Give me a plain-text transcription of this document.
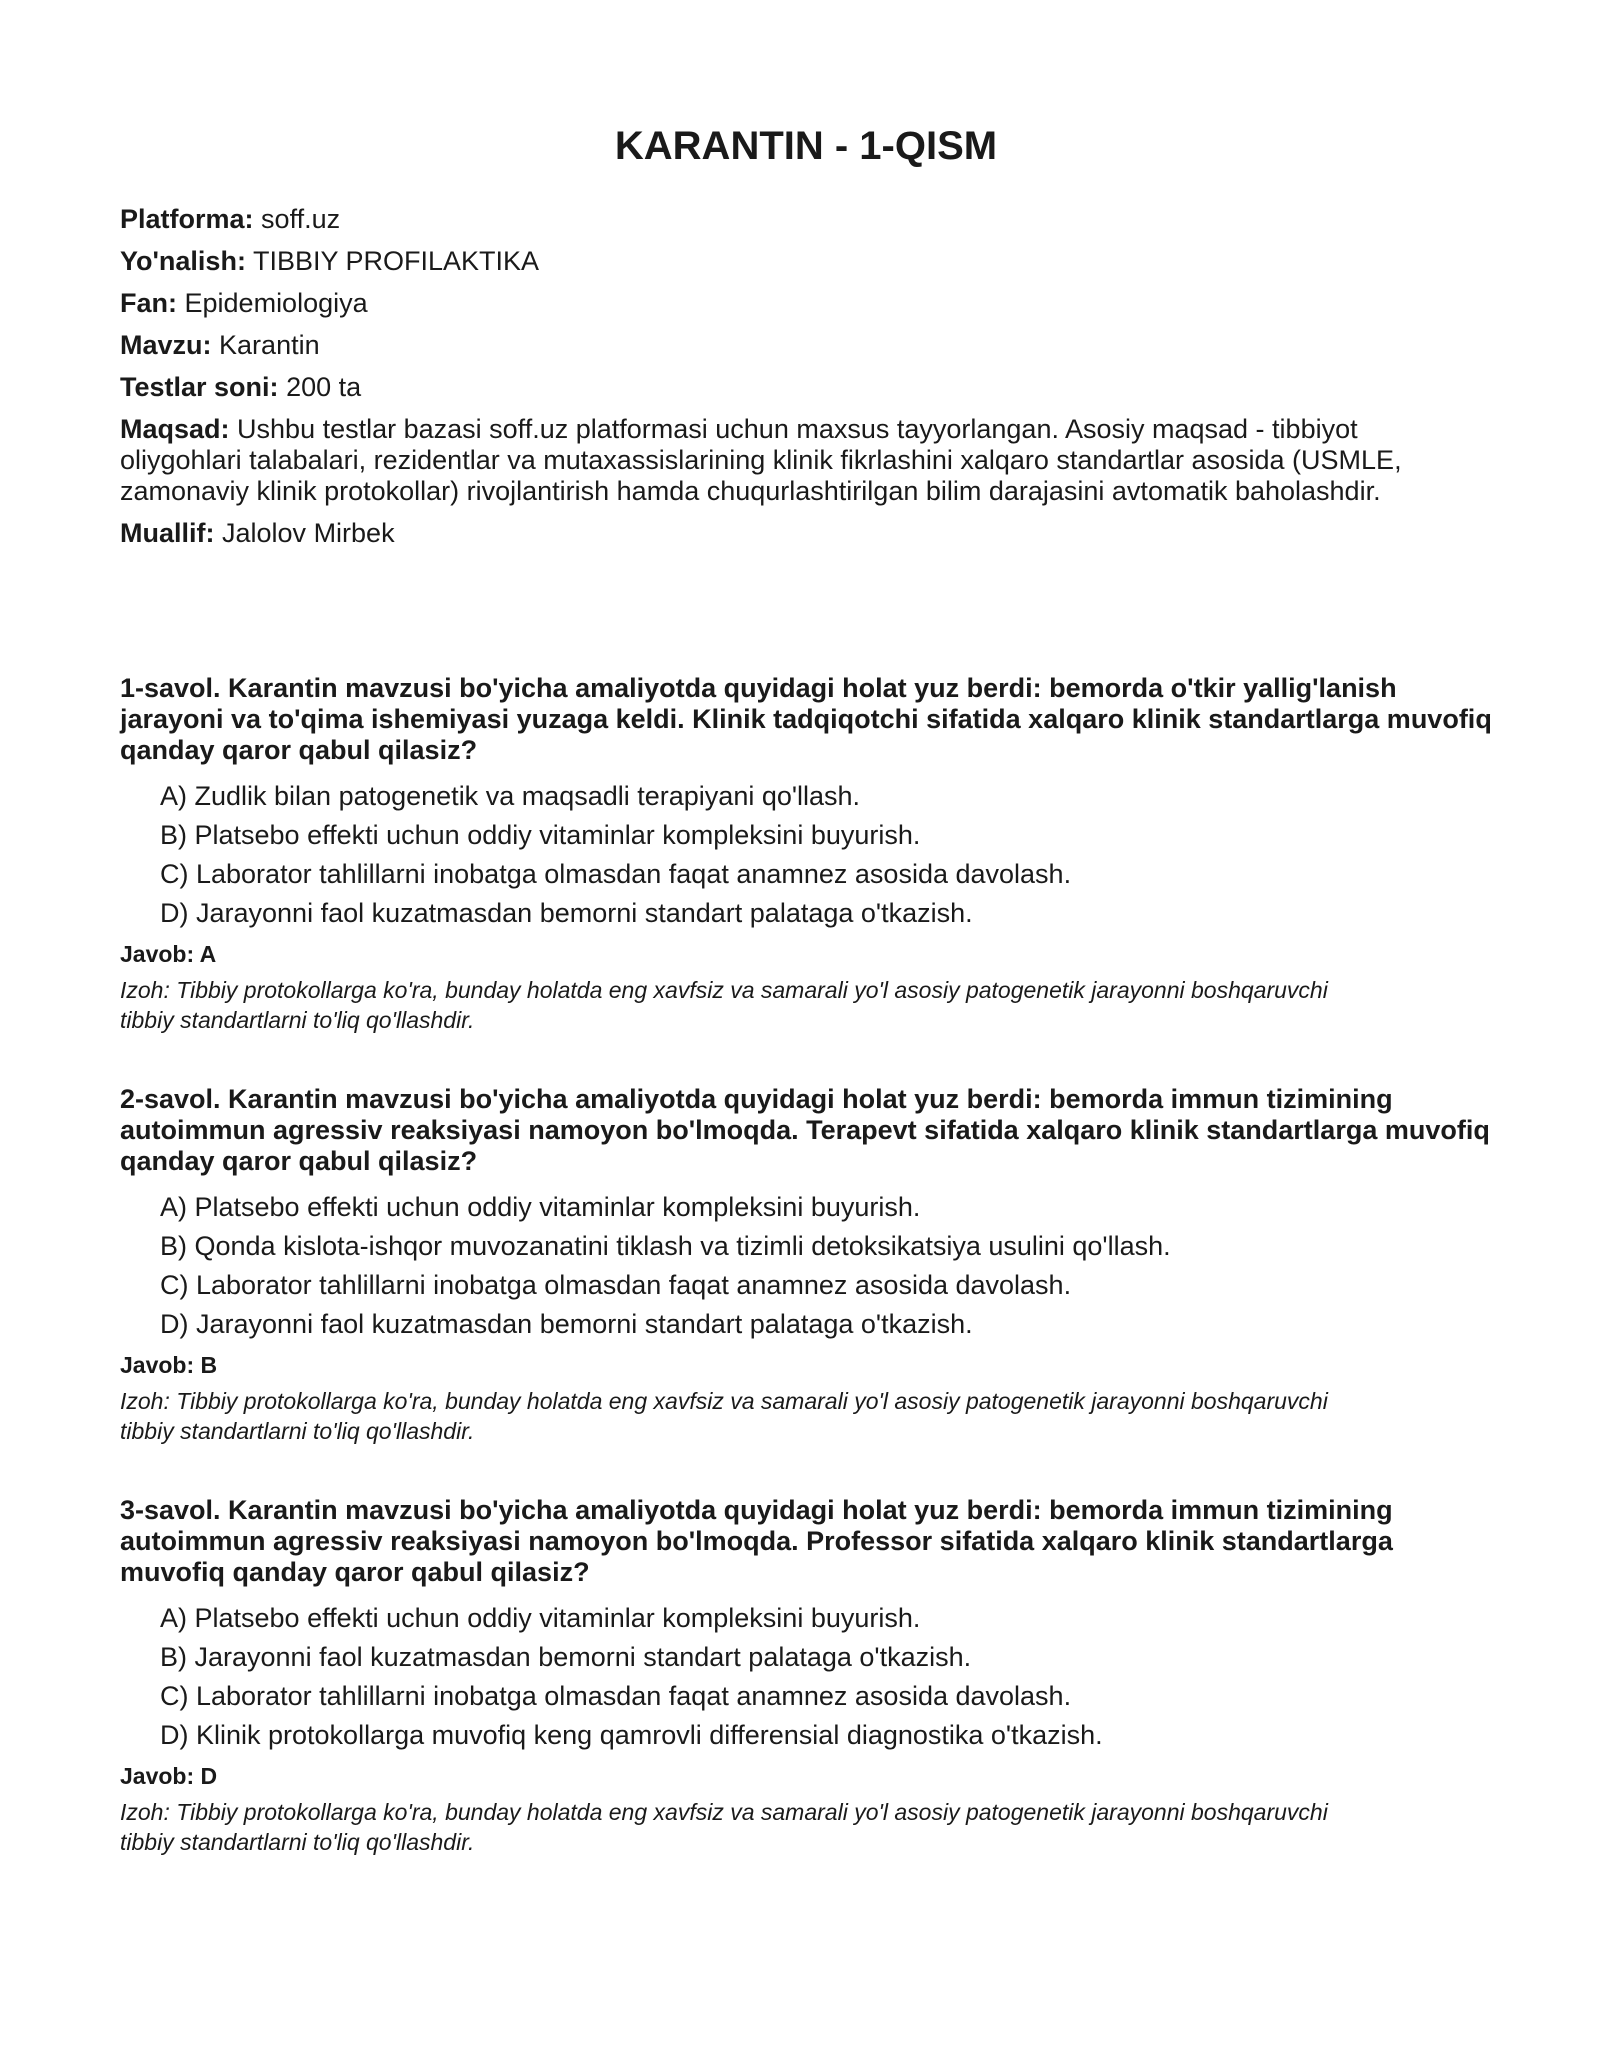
KARANTIN - 1-QISM
Platforma: soff.uz
Yo'nalish: TIBBIY PROFILAKTIKA
Fan: Epidemiologiya
Mavzu: Karantin
Testlar soni: 200 ta
Maqsad: Ushbu testlar bazasi soff.uz platformasi uchun maxsus tayyorlangan. Asosiy maqsad - tibbiyot oliygohlari talabalari, rezidentlar va mutaxassislarining klinik fikrlashini xalqaro standartlar asosida (USMLE, zamonaviy klinik protokollar) rivojlantirish hamda chuqurlashtirilgan bilim darajasini avtomatik baholashdir.
Muallif: Jalolov Mirbek

1-savol. Karantin mavzusi bo'yicha amaliyotda quyidagi holat yuz berdi: bemorda o'tkir yallig'lanish jarayoni va to'qima ishemiyasi yuzaga keldi. Klinik tadqiqotchi sifatida xalqaro klinik standartlarga muvofiq qanday qaror qabul qilasiz?

A) Zudlik bilan patogenetik va maqsadli terapiyani qo'llash.
B) Platsebo effekti uchun oddiy vitaminlar kompleksini buyurish.
C) Laborator tahlillarni inobatga olmasdan faqat anamnez asosida davolash.
D) Jarayonni faol kuzatmasdan bemorni standart palataga o'tkazish.
Javob: A
Izoh: Tibbiy protokollarga ko'ra, bunday holatda eng xavfsiz va samarali yo'l asosiy patogenetik jarayonni boshqaruvchi tibbiy standartlarni to'liq qo'llashdir.

2-savol. Karantin mavzusi bo'yicha amaliyotda quyidagi holat yuz berdi: bemorda immun tizimining autoimmun agressiv reaksiyasi namoyon bo'lmoqda. Terapevt sifatida xalqaro klinik standartlarga muvofiq qanday qaror qabul qilasiz?

A) Platsebo effekti uchun oddiy vitaminlar kompleksini buyurish.
B) Qonda kislota-ishqor muvozanatini tiklash va tizimli detoksikatsiya usulini qo'llash.
C) Laborator tahlillarni inobatga olmasdan faqat anamnez asosida davolash.
D) Jarayonni faol kuzatmasdan bemorni standart palataga o'tkazish.
Javob: B
Izoh: Tibbiy protokollarga ko'ra, bunday holatda eng xavfsiz va samarali yo'l asosiy patogenetik jarayonni boshqaruvchi tibbiy standartlarni to'liq qo'llashdir.

3-savol. Karantin mavzusi bo'yicha amaliyotda quyidagi holat yuz berdi: bemorda immun tizimining autoimmun agressiv reaksiyasi namoyon bo'lmoqda. Professor sifatida xalqaro klinik standartlarga muvofiq qanday qaror qabul qilasiz?

A) Platsebo effekti uchun oddiy vitaminlar kompleksini buyurish.
B) Jarayonni faol kuzatmasdan bemorni standart palataga o'tkazish.
C) Laborator tahlillarni inobatga olmasdan faqat anamnez asosida davolash.
D) Klinik protokollarga muvofiq keng qamrovli differensial diagnostika o'tkazish.
Javob: D
Izoh: Tibbiy protokollarga ko'ra, bunday holatda eng xavfsiz va samarali yo'l asosiy patogenetik jarayonni boshqaruvchi tibbiy standartlarni to'liq qo'llashdir.
